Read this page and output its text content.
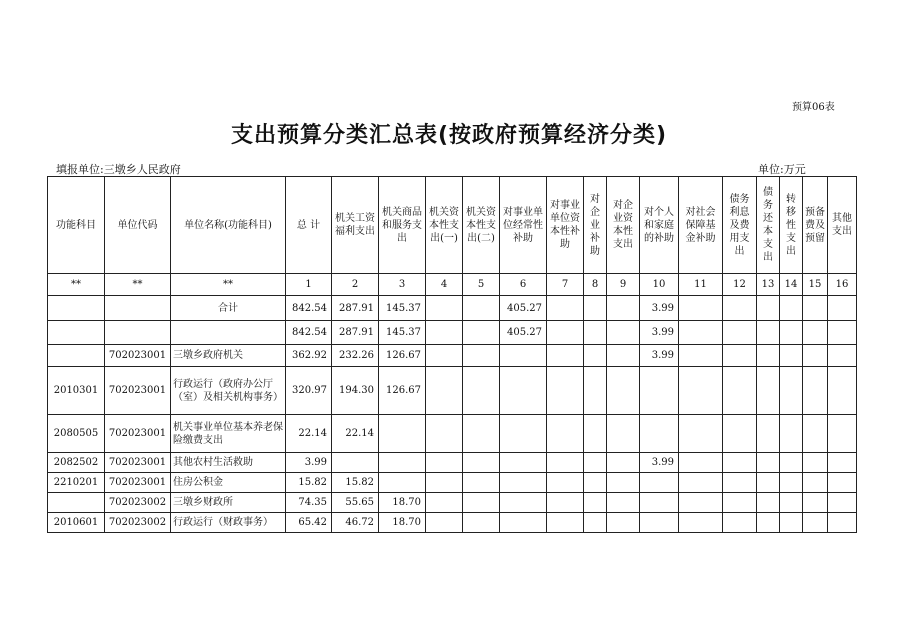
预算06表
支出预算分类汇总表(按政府预算经济分类)
填报单位:三墩乡人民政府	单位:万元
功能科目	单位代码	单位名称(功能科目)	总 计	机关工资福利支出	机关商品和服务支出	机关资本性支出(一)	机关资本性支出(二)	对事业单位经常性补助	对事业单位资本性补助	对企业补助	对企业资本性支出	对个人和家庭的补助	对社会保障基金补助	债务利息及费用支出	债务还本支出	转移性支出	预备费及预留	其他支出
**	**	**	1	2	3	4	5	6	7	8	9	10	11	12	13	14	15	16
		合计	842.54	287.91	145.37			405.27				3.99						
			842.54	287.91	145.37			405.27				3.99						
	702023001	三墩乡政府机关	362.92	232.26	126.67							3.99						
2010301	702023001	行政运行（政府办公厅（室）及相关机构事务）	320.97	194.30	126.67													
2080505	702023001	机关事业单位基本养老保险缴费支出	22.14	22.14														
2082502	702023001	其他农村生活救助	3.99									3.99						
2210201	702023001	住房公积金	15.82	15.82														
	702023002	三墩乡财政所	74.35	55.65	18.70													
2010601	702023002	行政运行（财政事务）	65.42	46.72	18.70													
